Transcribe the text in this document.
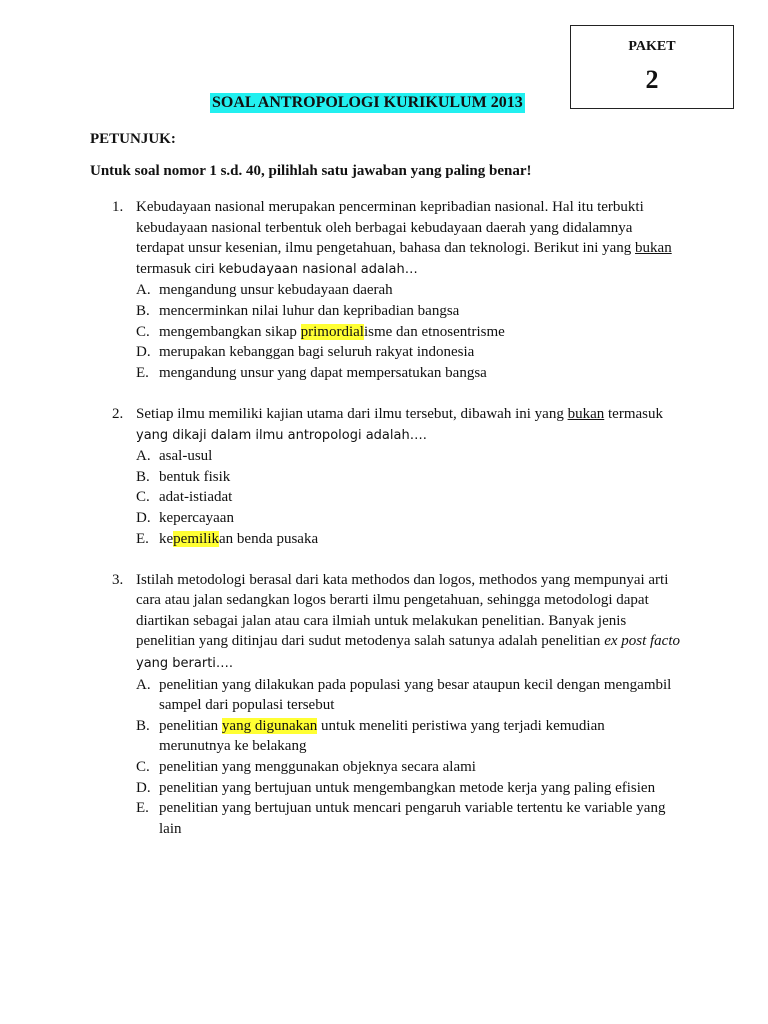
PAKET
2
SOAL ANTROPOLOGI KURIKULUM 2013
PETUNJUK:
Untuk soal nomor 1 s.d. 40, pilihlah satu jawaban yang paling benar!
1. Kebudayaan nasional merupakan pencerminan kepribadian nasional. Hal itu terbukti kebudayaan nasional terbentuk oleh berbagai kebudayaan daerah yang didalamnya terdapat unsur kesenian, ilmu pengetahuan, bahasa dan teknologi. Berikut ini yang bukan termasuk ciri kebudayaan nasional adalah…
A. mengandung unsur kebudayaan daerah
B. mencerminkan nilai luhur dan kepribadian bangsa
C. mengembangkan sikap primordialisme dan etnosentrisme
D. merupakan kebanggan bagi seluruh rakyat indonesia
E. mengandung unsur yang dapat mempersatukan bangsa
2. Setiap ilmu memiliki kajian utama dari ilmu tersebut, dibawah ini yang bukan termasuk yang dikaji dalam ilmu antropologi adalah….
A. asal-usul
B. bentuk fisik
C. adat-istiadat
D. kepercayaan
E. kepemilikan benda pusaka
3. Istilah metodologi berasal dari kata methodos dan logos, methodos yang mempunyai arti cara atau jalan sedangkan logos berarti ilmu pengetahuan, sehingga metodologi dapat diartikan sebagai jalan atau cara ilmiah untuk melakukan penelitian. Banyak jenis penelitian yang ditinjau dari sudut metodenya salah satunya adalah penelitian ex post facto yang berarti….
A. penelitian yang dilakukan pada populasi yang besar ataupun kecil dengan mengambil sampel dari populasi tersebut
B. penelitian yang digunakan untuk meneliti peristiwa yang terjadi kemudian merunutnya ke belakang
C. penelitian yang menggunakan objeknya secara alami
D. penelitian yang bertujuan untuk mengembangkan metode kerja yang paling efisien
E. penelitian yang bertujuan untuk mencari pengaruh variable tertentu ke variable yang lain
